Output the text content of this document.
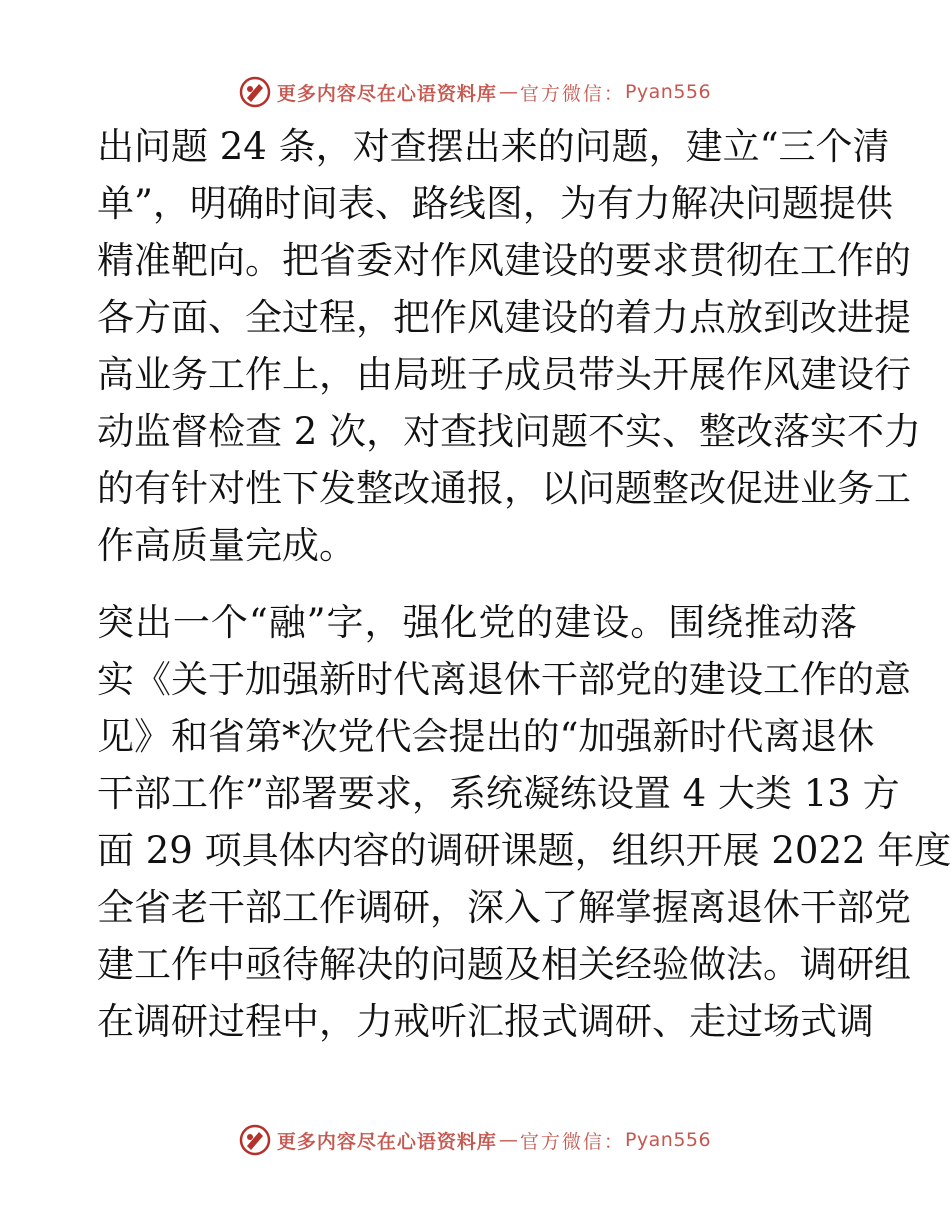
更多内容尽在心语资料库 — 官方微信： Pyan556
出问题 24 条，对查摆出来的问题，建立“三个清
单”，明确时间表、路线图，为有力解决问题提供
精准靶向。把省委对作风建设的要求贯彻在工作的
各方面、全过程，把作风建设的着力点放到改进提
高业务工作上，由局班子成员带头开展作风建设行
动监督检查 2 次，对查找问题不实、整改落实不力
的有针对性下发整改通报，以问题整改促进业务工
作高质量完成。
突出一个“融”字，强化党的建设。围绕推动落
实《关于加强新时代离退休干部党的建设工作的意
见》和省第*次党代会提出的“加强新时代离退休
干部工作”部署要求，系统凝练设置 4 大类 13 方
面 29 项具体内容的调研课题，组织开展 2022 年度
全省老干部工作调研，深入了解掌握离退休干部党
建工作中亟待解决的问题及相关经验做法。调研组
在调研过程中，力戒听汇报式调研、走过场式调
更多内容尽在心语资料库 — 官方微信： Pyan556
